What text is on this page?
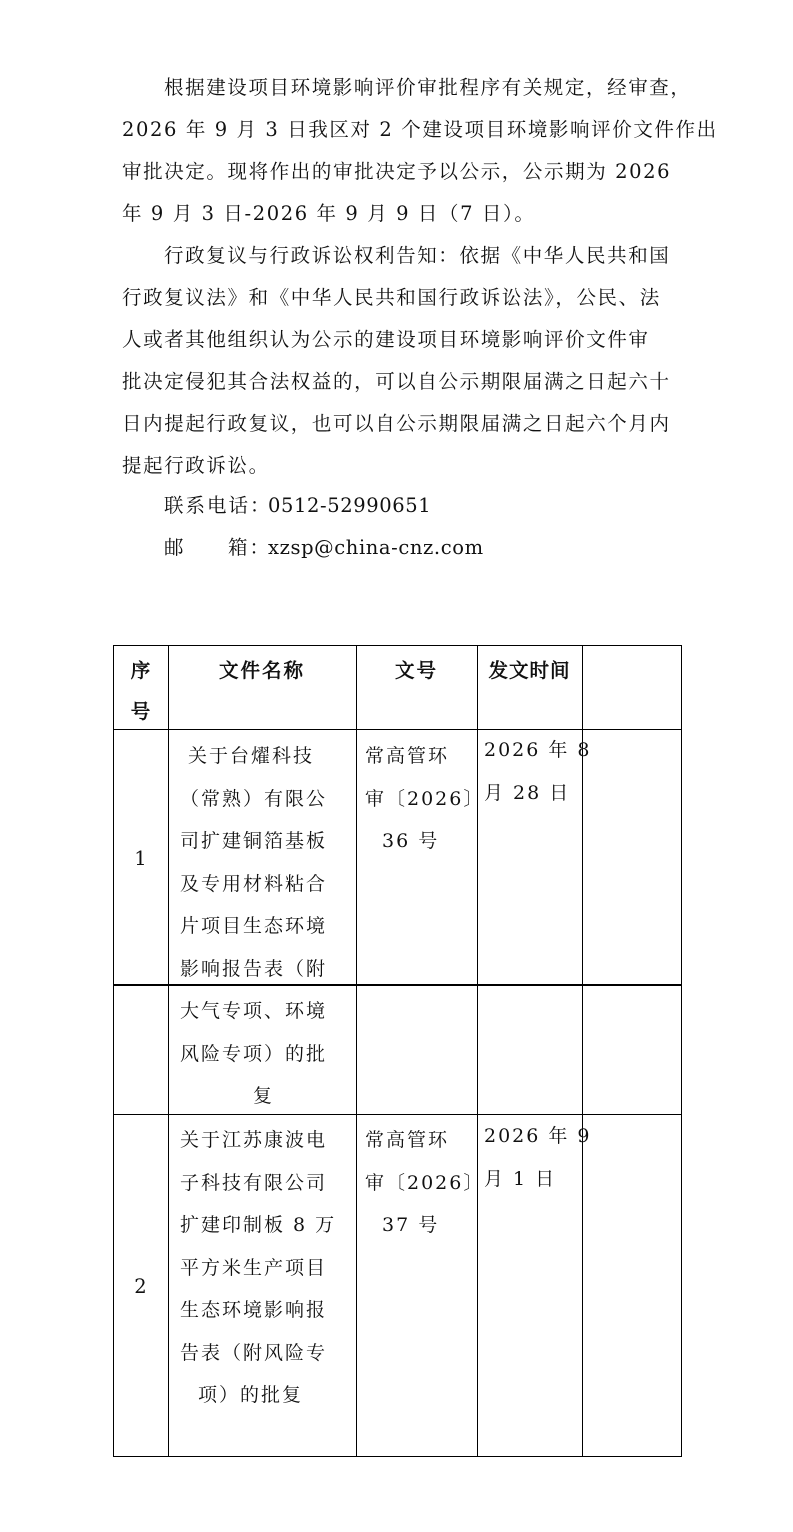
根据建设项目环境影响评价审批程序有关规定，经审查，
2026 年 9 月 3 日我区对 2 个建设项目环境影响评价文件作出
审批决定。现将作出的审批决定予以公示，公示期为 2026
年 9 月 3 日-2026 年 9 月 9 日（7 日）。
行政复议与行政诉讼权利告知：依据《中华人民共和国
行政复议法》和《中华人民共和国行政诉讼法》，公民、法
人或者其他组织认为公示的建设项目环境影响评价文件审
批决定侵犯其合法权益的，可以自公示期限届满之日起六十
日内提起行政复议，也可以自公示期限届满之日起六个月内
提起行政诉讼。
联系电话：
0512-52990651
邮 箱：
xzsp@china-cnz.com
序
号
文件名称	文号	发文时间
1
关于台燿科技
（常熟）有限公
司扩建铜箔基板
及专用材料粘合
片项目生态环境
影响报告表（附
常高管环
审〔2026〕
36 号
2026 年 8
月 28 日
大气专项、环境
风险专项）的批
复
2
关于江苏康波电
子科技有限公司
扩建印制板 8 万
平方米生产项目
生态环境影响报
告表（附风险专
项）的批复
常高管环
审〔2026〕
37 号
2026 年 9
月 1 日
